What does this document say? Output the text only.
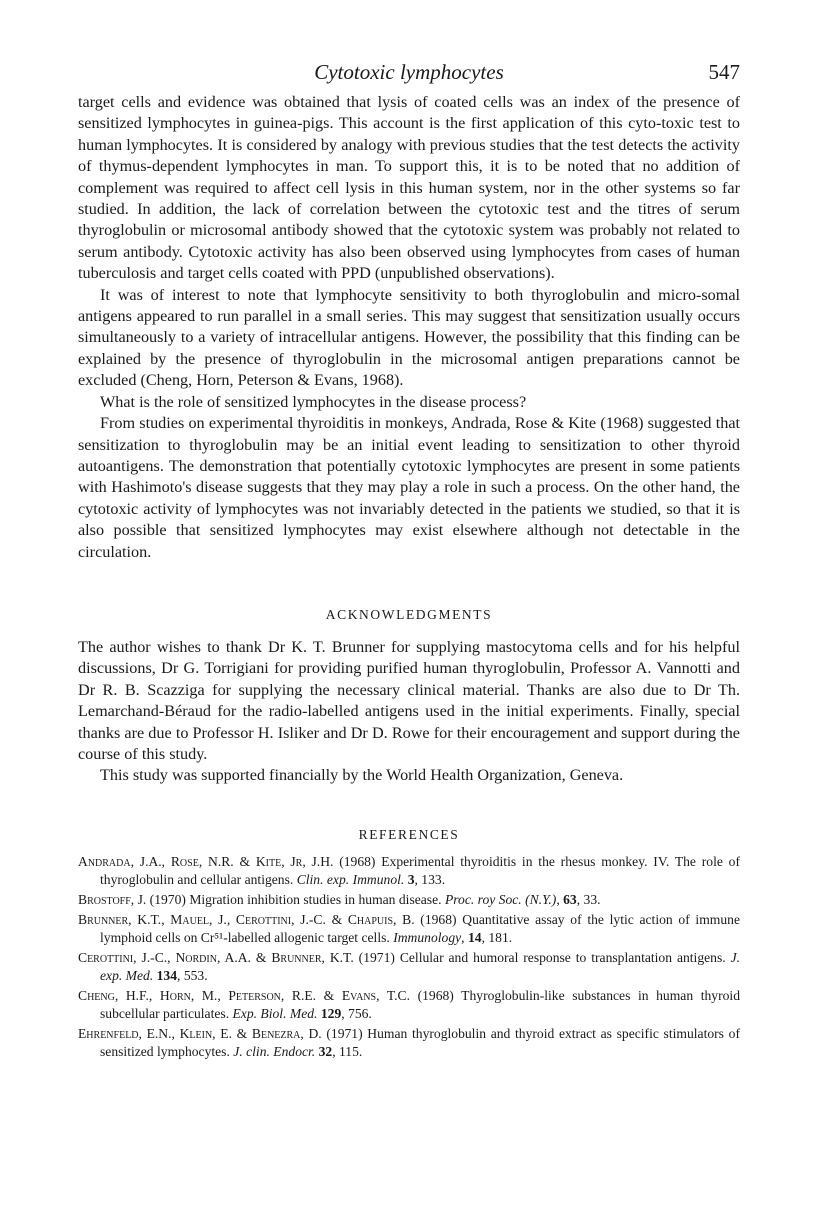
Cytotoxic lymphocytes	547

target cells and evidence was obtained that lysis of coated cells was an index of the presence of sensitized lymphocytes in guinea-pigs. This account is the first application of this cyto-toxic test to human lymphocytes. It is considered by analogy with previous studies that the test detects the activity of thymus-dependent lymphocytes in man. To support this, it is to be noted that no addition of complement was required to affect cell lysis in this human system, nor in the other systems so far studied. In addition, the lack of correlation between the cytotoxic test and the titres of serum thyroglobulin or microsomal antibody showed that the cytotoxic system was probably not related to serum antibody. Cytotoxic activity has also been observed using lymphocytes from cases of human tuberculosis and target cells coated with PPD (unpublished observations).

It was of interest to note that lymphocyte sensitivity to both thyroglobulin and micro-somal antigens appeared to run parallel in a small series. This may suggest that sensitization usually occurs simultaneously to a variety of intracellular antigens. However, the possibility that this finding can be explained by the presence of thyroglobulin in the microsomal antigen preparations cannot be excluded (Cheng, Horn, Peterson & Evans, 1968).

What is the role of sensitized lymphocytes in the disease process?

From studies on experimental thyroiditis in monkeys, Andrada, Rose & Kite (1968) suggested that sensitization to thyroglobulin may be an initial event leading to sensitization to other thyroid autoantigens. The demonstration that potentially cytotoxic lymphocytes are present in some patients with Hashimoto's disease suggests that they may play a role in such a process. On the other hand, the cytotoxic activity of lymphocytes was not invariably detected in the patients we studied, so that it is also possible that sensitized lymphocytes may exist elsewhere although not detectable in the circulation.

ACKNOWLEDGMENTS

The author wishes to thank Dr K. T. Brunner for supplying mastocytoma cells and for his helpful discussions, Dr G. Torrigiani for providing purified human thyroglobulin, Professor A. Vannotti and Dr R. B. Scazziga for supplying the necessary clinical material. Thanks are also due to Dr Th. Lemarchand-Béraud for the radio-labelled antigens used in the initial experiments. Finally, special thanks are due to Professor H. Isliker and Dr D. Rowe for their encouragement and support during the course of this study.

This study was supported financially by the World Health Organization, Geneva.

REFERENCES
Andrada, J.A., Rose, N.R. & Kite, Jr, J.H. (1968) Experimental thyroiditis in the rhesus monkey. IV. The role of thyroglobulin and cellular antigens. Clin. exp. Immunol. 3, 133.
Brostoff, J. (1970) Migration inhibition studies in human disease. Proc. roy Soc. (N.Y.), 63, 33.
Brunner, K.T., Mauel, J., Cerottini, J.-C. & Chapuis, B. (1968) Quantitative assay of the lytic action of immune lymphoid cells on Cr⁵¹-labelled allogenic target cells. Immunology, 14, 181.
Cerottini, J.-C., Nordin, A.A. & Brunner, K.T. (1971) Cellular and humoral response to transplantation antigens. J. exp. Med. 134, 553.
Cheng, H.F., Horn, M., Peterson, R.E. & Evans, T.C. (1968) Thyroglobulin-like substances in human thyroid subcellular particulates. Exp. Biol. Med. 129, 756.
Ehrenfeld, E.N., Klein, E. & Benezra, D. (1971) Human thyroglobulin and thyroid extract as specific stimulators of sensitized lymphocytes. J. clin. Endocr. 32, 115.
